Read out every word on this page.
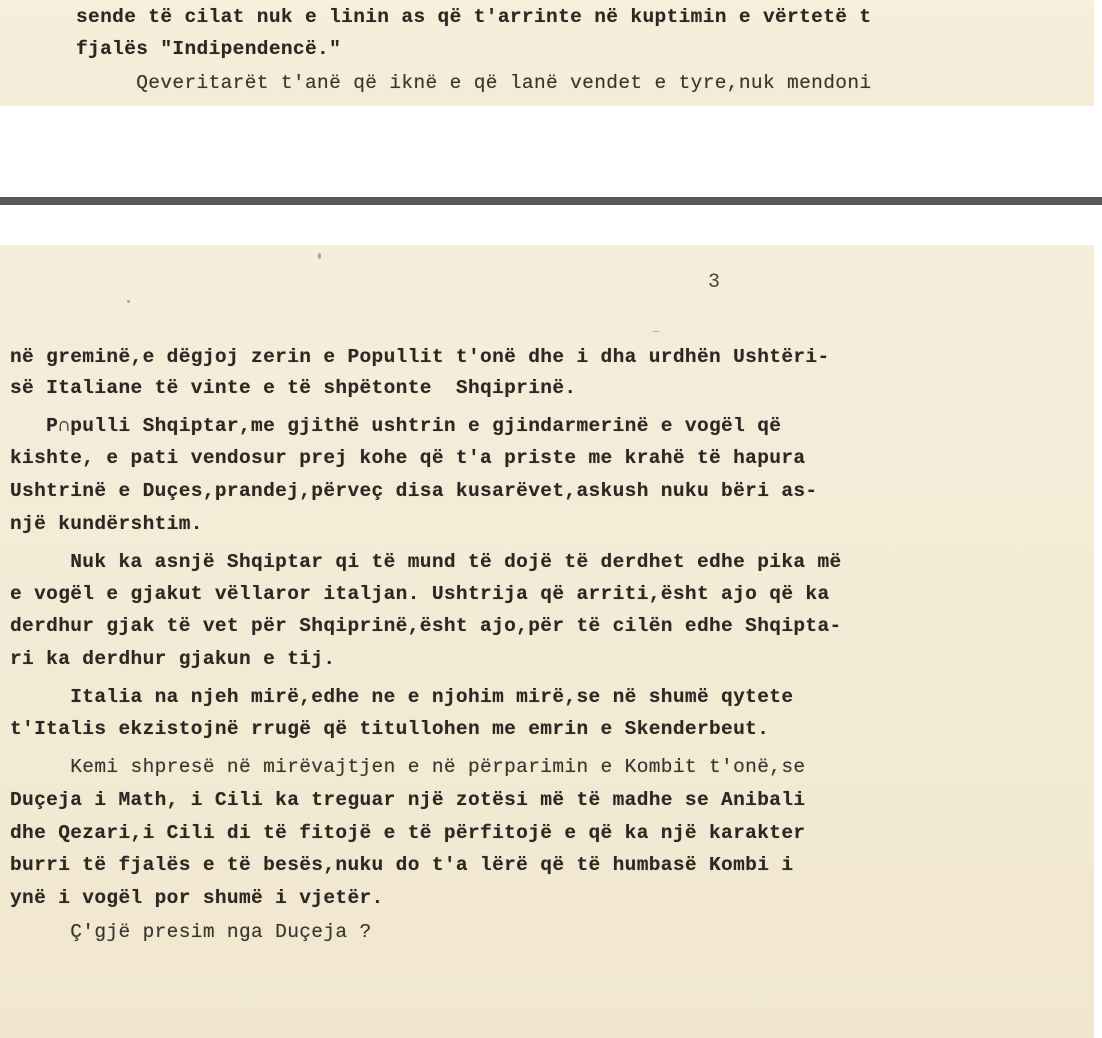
sende të cilat nuk e linin as që t'arrinte në kuptimin e vërtetë t
fjalës "Indipendencë."
Qeveritarët t'anë që iknë e që lanë vendet e tyre,nuk mendoni
3
në greminë,e dëgjoj zerin e Popullit t'onë dhe i dha urdhën Ushtëri-
së Italiane të vinte e të shpëtonte  Shqiprinë.
P∩pulli Shqiptar,me gjithë ushtrin e gjindarmerinë e vogël që
kishte, e pati vendosur prej kohe që t'a priste me krahë të hapura
Ushtrinë e Duçes,prandej,përveç disa kusarëvet,askush nuku bëri as-
një kundërshtim.
Nuk ka asnjë Shqiptar qi të mund të dojë të derdhet edhe pika më
e vogël e gjakut vëllaror italjan. Ushtrija që arriti,ësht ajo që ka
derdhur gjak të vet për Shqiprinë,ësht ajo,për të cilën edhe Shqipta-
ri ka derdhur gjakun e tij.
Italia na njeh mirë,edhe ne e njohim mirë,se në shumë qytete
t'Italis ekzistojnë rrugë që titullohen me emrin e Skenderbeut.
Kemi shpresë në mirëvajtjen e në përparimin e Kombit t'onë,se
Duçeja i Math, i Cili ka treguar një zotësi më të madhe se Anibali
dhe Qezari,i Cili di të fitojë e të përfitojë e që ka një karakter
burri të fjalës e të besës,nuku do t'a lërë që të humbasë Kombi i
ynë i vogël por shumë i vjetër.
Ç'gjë presim nga Duçeja ?
